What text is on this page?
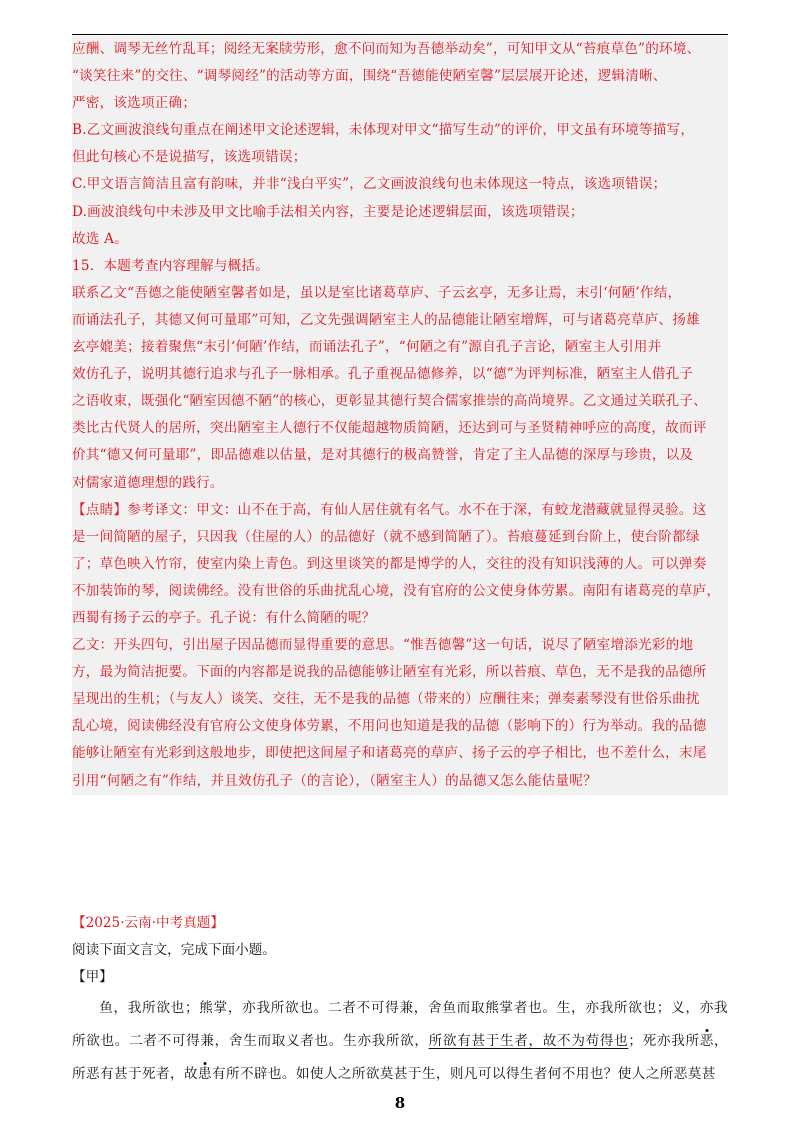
应酬、调琴无丝竹乱耳；阅经无案牍劳形，愈不问而知为吾德举动矣”，可知甲文从“苔痕草色”的环境、

“谈笑往来”的交往、“调琴阅经”的活动等方面，围绕“吾德能使陋室馨”层层展开论述，逻辑清晰、

严密，该选项正确；

B.乙文画波浪线句重点在阐述甲文论述逻辑，未体现对甲文“描写生动”的评价，甲文虽有环境等描写，

但此句核心不是说描写，该选项错误；

C.甲文语言简洁且富有韵味，并非“浅白平实”，乙文画波浪线句也未体现这一特点，该选项错误；

D.画波浪线句中未涉及甲文比喻手法相关内容，主要是论述逻辑层面，该选项错误；

故选 A。

15．本题考查内容理解与概括。

联系乙文“吾德之能使陋室馨者如是，虽以是室比诸葛草庐、子云玄亭，无多让焉，末引‘何陋’作结，

而诵法孔子，其德又何可量耶”可知，乙文先强调陋室主人的品德能让陋室增辉，可与诸葛亮草庐、扬雄

玄亭媲美；接着聚焦“末引‘何陋’作结，而诵法孔子”，“何陋之有”源自孔子言论，陋室主人引用并

效仿孔子，说明其德行追求与孔子一脉相承。孔子重视品德修养，以“德”为评判标准，陋室主人借孔子

之语收束，既强化“陋室因德不陋”的核心，更彰显其德行契合儒家推崇的高尚境界。乙文通过关联孔子、

类比古代贤人的居所，突出陋室主人德行不仅能超越物质简陋，还达到可与圣贤精神呼应的高度，故而评

价其“德又何可量耶”，即品德难以估量，是对其德行的极高赞誉，肯定了主人品德的深厚与珍贵，以及

对儒家道德理想的践行。

【点睛】参考译文：甲文：山不在于高，有仙人居住就有名气。水不在于深，有蛟龙潜藏就显得灵验。这

是一间简陋的屋子，只因我（住屋的人）的品德好（就不感到简陋了）。苔痕蔓延到台阶上，使台阶都绿

了；草色映入竹帘，使室内染上青色。到这里谈笑的都是博学的人，交往的没有知识浅薄的人。可以弹奏

不加装饰的琴，阅读佛经。没有世俗的乐曲扰乱心境，没有官府的公文使身体劳累。南阳有诸葛亮的草庐，

西蜀有扬子云的亭子。孔子说：有什么简陋的呢？

乙文：开头四句，引出屋子因品德而显得重要的意思。“惟吾德馨”这一句话，说尽了陋室增添光彩的地

方，最为简洁扼要。下面的内容都是说我的品德能够让陋室有光彩，所以苔痕、草色，无不是我的品德所

呈现出的生机；（与友人）谈笑、交往，无不是我的品德（带来的）应酬往来；弹奏素琴没有世俗乐曲扰

乱心境，阅读佛经没有官府公文使身体劳累，不用问也知道是我的品德（影响下的）行为举动。我的品德

能够让陋室有光彩到这般地步，即使把这间屋子和诸葛亮的草庐、扬子云的亭子相比，也不差什么，末尾

引用“何陋之有”作结，并且效仿孔子（的言论），（陋室主人）的品德又怎么能估量呢？

【2025·云南·中考真题】

阅读下面文言文，完成下面小题。

【甲】

鱼，我所欲也；熊掌，亦我所欲也。二者不可得兼，舍鱼而取熊掌者也。生，亦我所欲也；义，亦我所欲也。二者不可得兼，舍生而取义者也。生亦我所欲，所欲有甚于生者，故不为苟得也；死亦我所恶，所恶有甚于死者，故患有所不辟也。如使人之所欲莫甚于生，则凡可以得生者何不用也？使人之所恶莫甚

8
